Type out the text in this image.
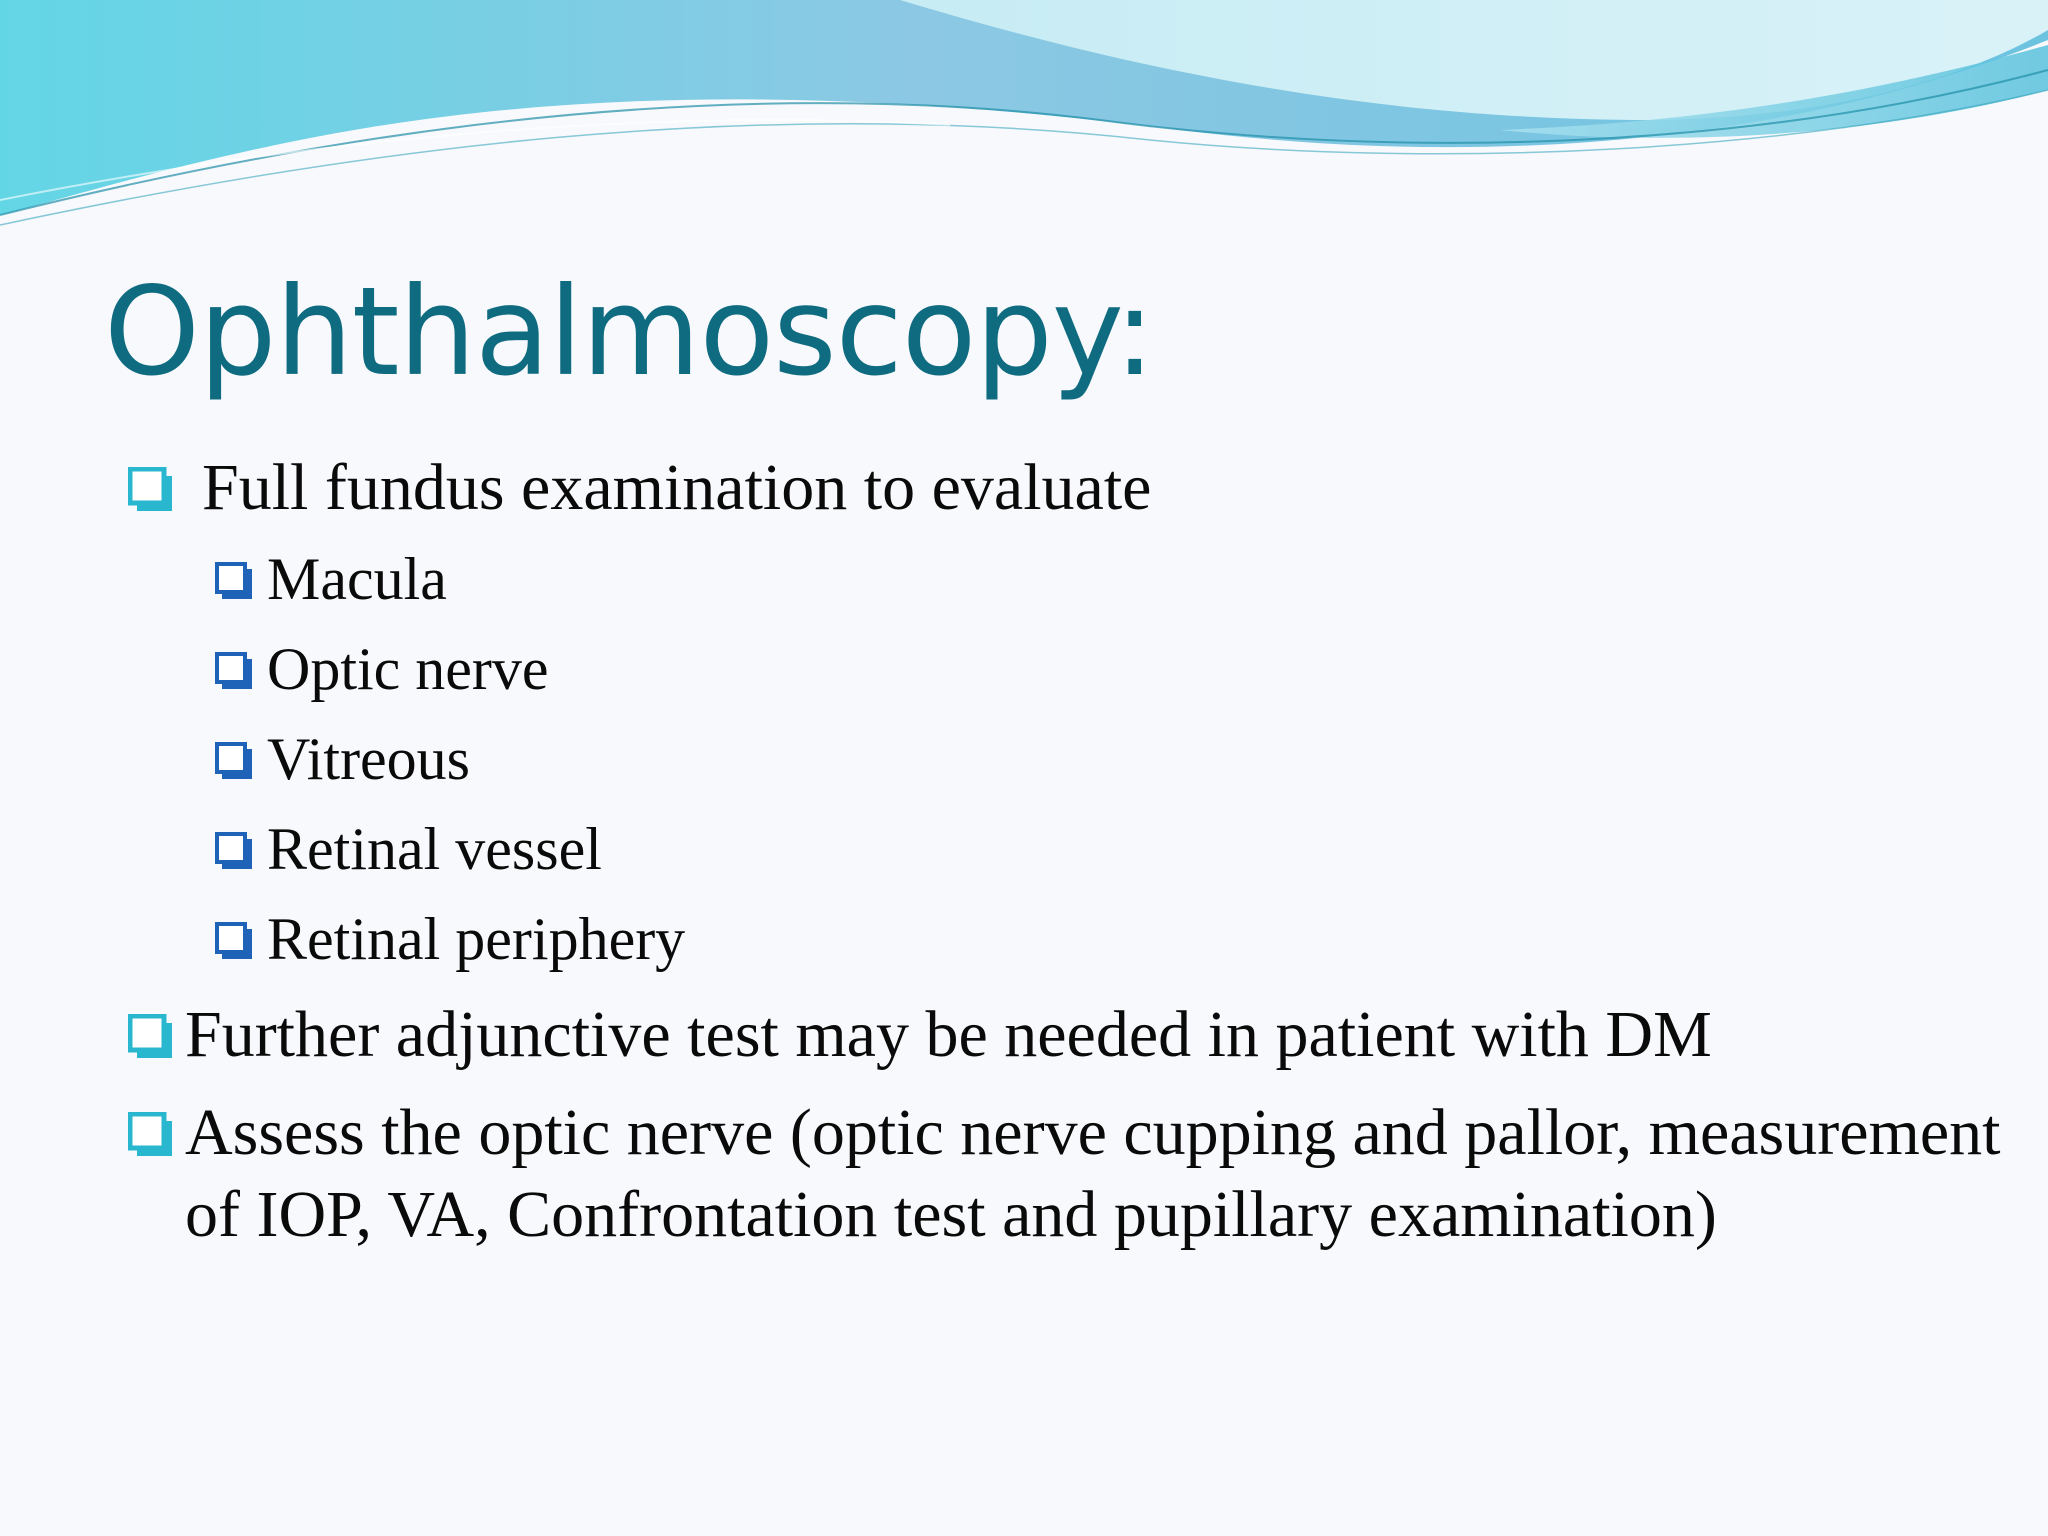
Ophthalmoscopy:
Full fundus examination to evaluate
Macula
Optic nerve
Vitreous
Retinal vessel
Retinal periphery
Further adjunctive test may be needed in patient with DM
Assess the optic nerve (optic nerve cupping and pallor, measurement of IOP, VA, Confrontation test and pupillary examination)
